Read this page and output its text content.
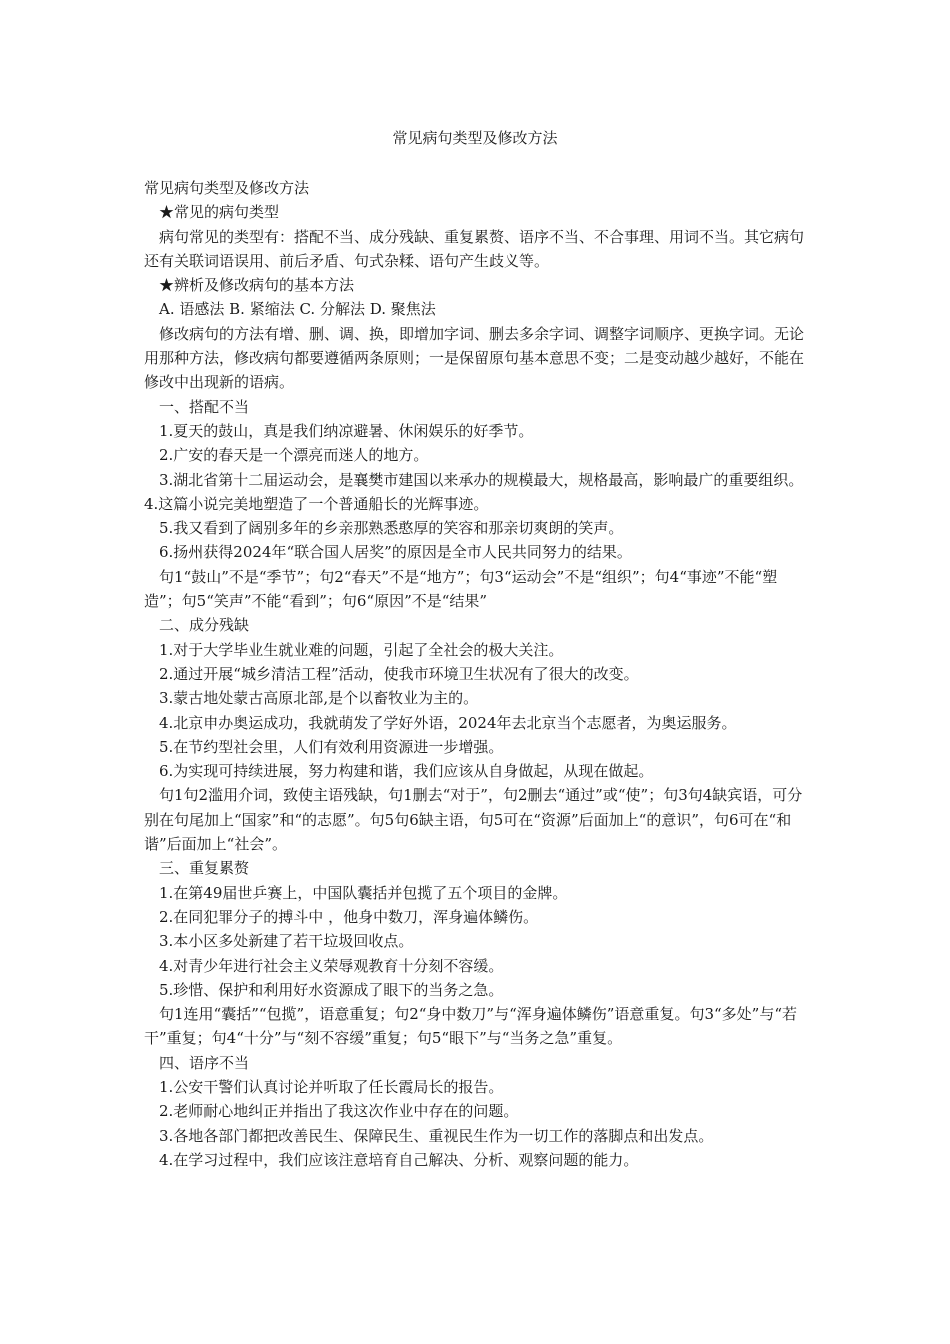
常见病句类型及修改方法

常见病句类型及修改方法

★常见的病句类型

病句常见的类型有：搭配不当、成分残缺、重复累赘、语序不当、不合事理、用词不当。其它病句还有关联词语误用、前后矛盾、句式杂糅、语句产生歧义等。

★辨析及修改病句的基本方法

A. 语感法 B. 紧缩法 C. 分解法 D. 聚焦法

修改病句的方法有增、删、调、换，即增加字词、删去多余字词、调整字词顺序、更换字词。无论用那种方法，修改病句都要遵循两条原则；一是保留原句基本意思不变；二是变动越少越好，不能在修改中出现新的语病。

一、搭配不当

1.夏天的鼓山，真是我们纳凉避暑、休闲娱乐的好季节。

2.广安的春天是一个漂亮而迷人的地方。

3.湖北省第十二届运动会，是襄樊市建国以来承办的规模最大，规格最高，影响最广的重要组织。　4.这篇小说完美地塑造了一个普通船长的光辉事迹。

5.我又看到了阔别多年的乡亲那熟悉憨厚的笑容和那亲切爽朗的笑声。

6.扬州获得2024年“联合国人居奖”的原因是全市人民共同努力的结果。

句1“鼓山”不是“季节”；句2“春天”不是“地方”；句3“运动会”不是“组织”；句4“事迹”不能“塑造”；句5“笑声”不能“看到”；句6“原因”不是“结果”

二、成分残缺

1.对于大学毕业生就业难的问题，引起了全社会的极大关注。

2.通过开展“城乡清洁工程”活动，使我市环境卫生状况有了很大的改变。

3.蒙古地处蒙古高原北部,是个以畜牧业为主的。

4.北京申办奥运成功，我就萌发了学好外语，2024年去北京当个志愿者，为奥运服务。

5.在节约型社会里，人们有效利用资源进一步增强。

6.为实现可持续进展，努力构建和谐，我们应该从自身做起，从现在做起。

句1句2滥用介词，致使主语残缺，句1删去“对于”，句2删去“通过”或“使”；句3句4缺宾语，可分别在句尾加上“国家”和“的志愿”。句5句6缺主语，句5可在“资源”后面加上“的意识”，句6可在“和谐”后面加上“社会”。

三、重复累赘

1.在第49届世乒赛上，中国队囊括并包揽了五个项目的金牌。

2.在同犯罪分子的搏斗中 ，他身中数刀，浑身遍体鳞伤。

3.本小区多处新建了若干垃圾回收点。

4.对青少年进行社会主义荣辱观教育十分刻不容缓。

5.珍惜、保护和利用好水资源成了眼下的当务之急。

句1连用“囊括”“包揽”，语意重复；句2“身中数刀”与“浑身遍体鳞伤”语意重复。句3“多处”与“若干”重复；句4“十分”与“刻不容缓”重复；句5“眼下”与“当务之急”重复。

四、语序不当

1.公安干警们认真讨论并听取了任长霞局长的报告。

2.老师耐心地纠正并指出了我这次作业中存在的问题。

3.各地各部门都把改善民生、保障民生、重视民生作为一切工作的落脚点和出发点。

4.在学习过程中，我们应该注意培育自己解决、分析、观察问题的能力。
